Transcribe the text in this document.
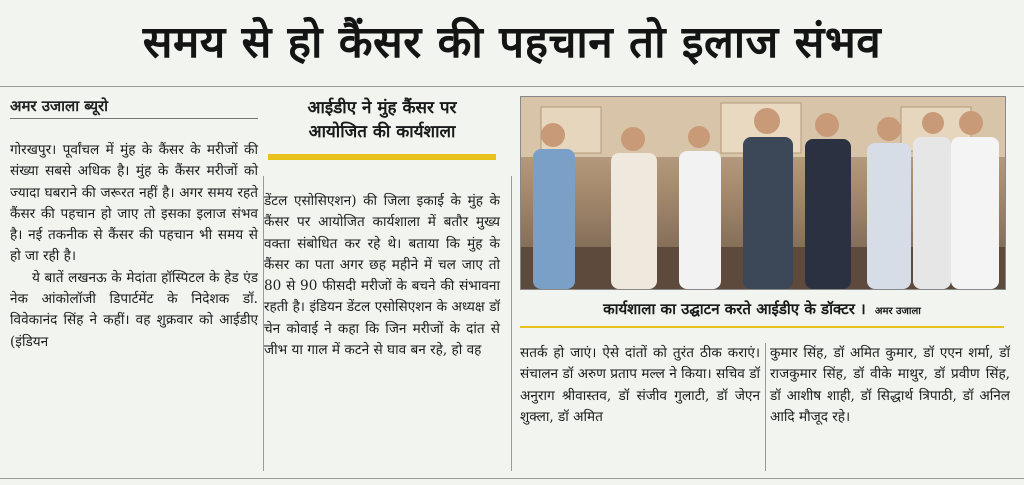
समय से हो कैंसर की पहचान तो इलाज संभव
अमर उजाला ब्यूरो	आईडीए ने मुंह कैंसर पर
आयोजित की कार्यशाला

गोरखपुर। पूर्वांचल में मुंह के कैंसर के मरीजों की संख्या सबसे अधिक है। मुंह के कैंसर मरीजों को ज्यादा घबराने की जरूरत नहीं है। अगर समय रहते कैंसर की पहचान हो जाए तो इसका इलाज संभव है। नई तकनीक से कैंसर की पहचान भी समय से हो जा रही है।

ये बातें लखनऊ के मेदांता हॉस्पिटल के हेड एंड नेक आंकोलॉजी डिपार्टमेंट के निदेशक डॉ. विवेकानंद सिंह ने कहीं। वह शुक्रवार को आईडीए (इंडियन

डेंटल एसोसिएशन) की जिला इकाई के मुंह के कैंसर पर आयोजित कार्यशाला में बतौर मुख्य वक्ता संबोधित कर रहे थे। बताया कि मुंह के कैंसर का पता अगर छह महीने में चल जाए तो 80 से 90 फीसदी मरीजों के बचने की संभावना रहती है। इंडियन डेंटल एसोसिएशन के अध्यक्ष डॉ चेन कोवाई ने कहा कि जिन मरीजों के दांत से जीभ या गाल में कटने से घाव बन रहे, हो वह

कार्यशाला का उद्घाटन करते आईडीए के डॉक्टर । अमर उजाला

सतर्क हो जाएं। ऐसे दांतों को तुरंत ठीक कराएं। संचालन डॉ अरुण प्रताप मल्ल ने किया। सचिव डॉ अनुराग श्रीवास्तव, डॉ संजीव गुलाटी, डॉ जेएन शुक्ला, डॉ अमित

कुमार सिंह, डॉ अमित कुमार, डॉ एएन शर्मा, डॉ राजकुमार सिंह, डॉ वीके माथुर, डॉ प्रवीण सिंह, डॉ आशीष शाही, डॉ सिद्धार्थ त्रिपाठी, डॉ अनिल आदि मौजूद रहे।
